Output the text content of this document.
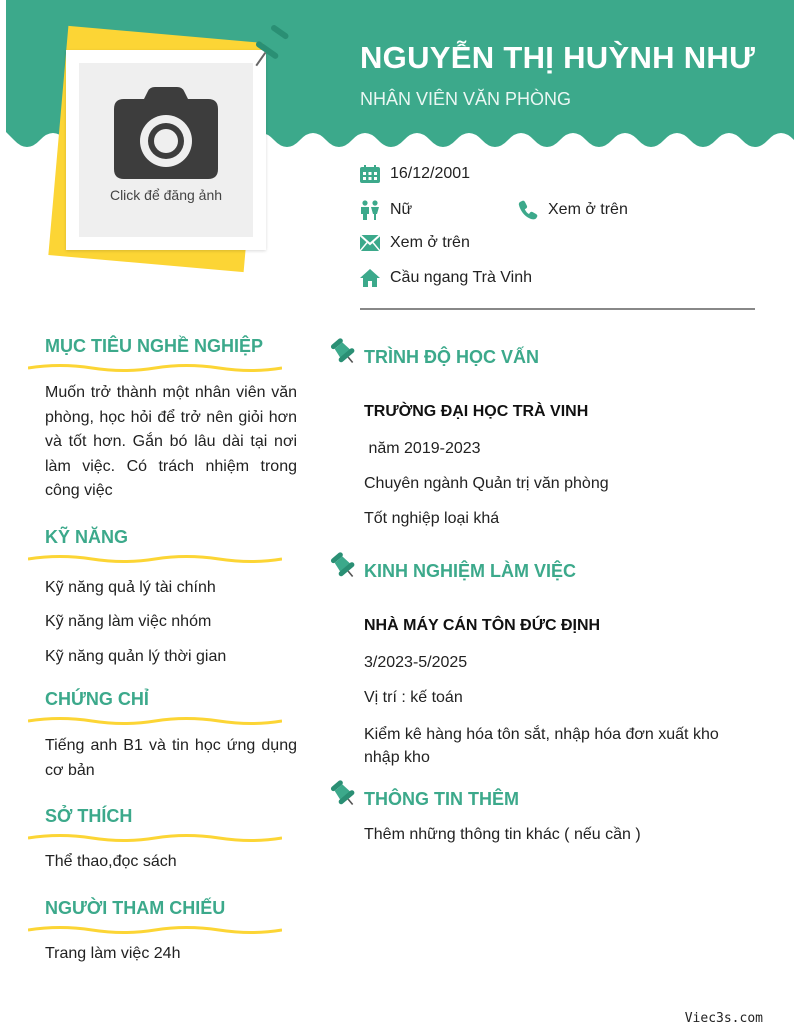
NGUYỄN THỊ HUỲNH NHƯ
NHÂN VIÊN VĂN PHÒNG
Click để đăng ảnh
16/12/2001
Nữ	Xem ở trên
Xem ở trên
Cầu ngang Trà Vinh
MỤC TIÊU NGHỀ NGHIỆP
Muốn trở thành một nhân viên văn phòng, học hỏi để trở nên giỏi hơn và tốt hơn. Gắn bó lâu dài tại nơi làm việc. Có trách nhiệm trong công việc
KỸ NĂNG
Kỹ năng quả lý tài chính
Kỹ năng làm việc nhóm
Kỹ năng quản lý thời gian
CHỨNG CHỈ
Tiếng anh B1 và tin học ứng dụng cơ bản
SỞ THÍCH
Thể thao,đọc sách
NGƯỜI THAM CHIẾU
Trang làm việc 24h
TRÌNH ĐỘ HỌC VẤN
TRƯỜNG ĐẠI HỌC TRÀ VINH
năm 2019-2023
Chuyên ngành Quản trị văn phòng
Tốt nghiệp loại khá
KINH NGHIỆM LÀM VIỆC
NHÀ MÁY CÁN TÔN ĐỨC ĐỊNH
3/2023-5/2025
Vị trí : kế toán
Kiểm kê hàng hóa tôn sắt, nhập hóa đơn xuất kho nhập kho
THÔNG TIN THÊM
Thêm những thông tin khác ( nếu cần )
Viec3s.com
